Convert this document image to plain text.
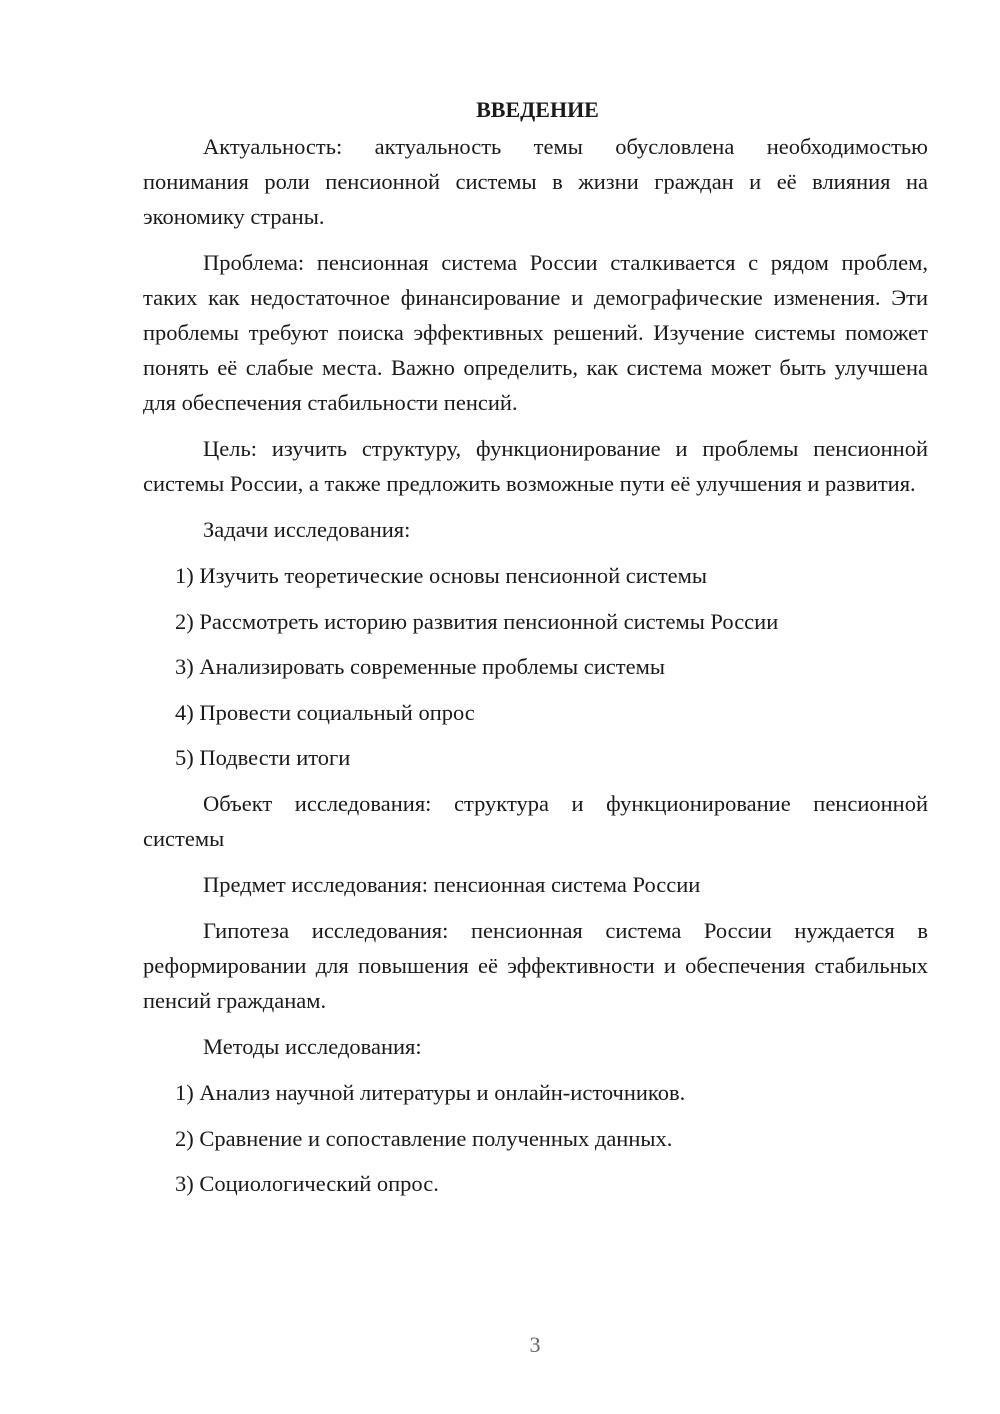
ВВЕДЕНИЕ

Актуальность: актуальность темы обусловлена необходимостью понимания роли пенсионной системы в жизни граждан и её влияния на экономику страны.

Проблема: пенсионная система России сталкивается с рядом проблем, таких как недостаточное финансирование и демографические изменения. Эти проблемы требуют поиска эффективных решений. Изучение системы поможет понять её слабые места. Важно определить, как система может быть улучшена для обеспечения стабильности пенсий.

Цель: изучить структуру, функционирование и проблемы пенсионной системы России, а также предложить возможные пути её улучшения и развития.

Задачи исследования:

1) Изучить теоретические основы пенсионной системы
2) Рассмотреть историю развития пенсионной системы России
3) Анализировать современные проблемы системы
4) Провести социальный опрос
5) Подвести итоги

Объект исследования: структура и функционирование пенсионной системы

Предмет исследования: пенсионная система России

Гипотеза исследования: пенсионная система России нуждается в реформировании для повышения её эффективности и обеспечения стабильных пенсий гражданам.

Методы исследования:

1) Анализ научной литературы и онлайн-источников.
2) Сравнение и сопоставление полученных данных.
3) Социологический опрос.
3
